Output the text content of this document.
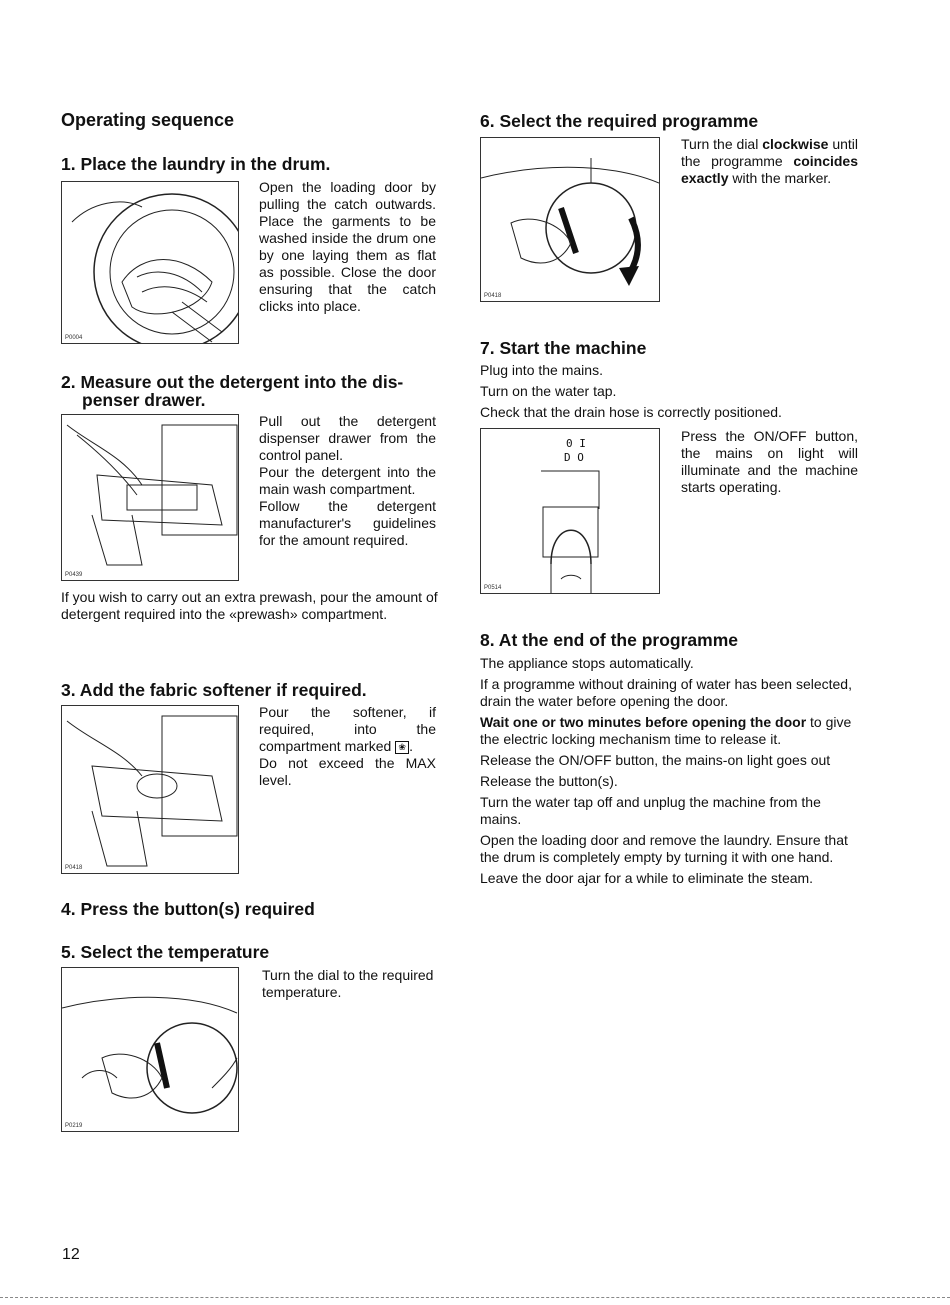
Operating sequence
1. Place the laundry in the drum.
P0004
Open the loading door by pulling the catch outwards. Place the garments to be washed inside the drum one by one laying them as flat as possible. Close the door ensuring that the catch clicks into place.
2. Measure out the detergent into the dis-
penser drawer.
P0439
Pull out the detergent dispenser drawer from the control panel.
Pour the detergent into the main wash compartment.
Follow the detergent manufacturer's guidelines for the amount required.
If you wish to carry out an extra prewash, pour the amount of detergent required into the «prewash» compartment.
3. Add the fabric softener if required.
P0418
Pour the softener, if required, into the compartment marked ❀ .
Do not exceed the MAX level.
4. Press the button(s) required
5. Select the temperature
P0219
Turn the dial to the required temperature.
6. Select the required programme
P0418
Turn the dial clockwise until the programme coincides exactly with the marker.
7. Start the machine
Plug into the mains.
Turn on the water tap.
Check that the drain hose is correctly positioned.
0 I
D O
P0514
Press the ON/OFF button, the mains on light will illuminate and the machine starts operating.
8. At the end of the programme
The appliance stops automatically.
If a programme without draining of water has been selected, drain the water before opening the door.
Wait one or two minutes before opening the door to give the electric locking mechanism time to release it.
Release the ON/OFF button, the mains-on light goes out
Release the button(s).
Turn the water tap off and unplug the machine from the mains.
Open the loading door and remove the laundry. Ensure that the drum is completely empty by turning it with one hand.
Leave the door ajar for a while to eliminate the steam.
12
